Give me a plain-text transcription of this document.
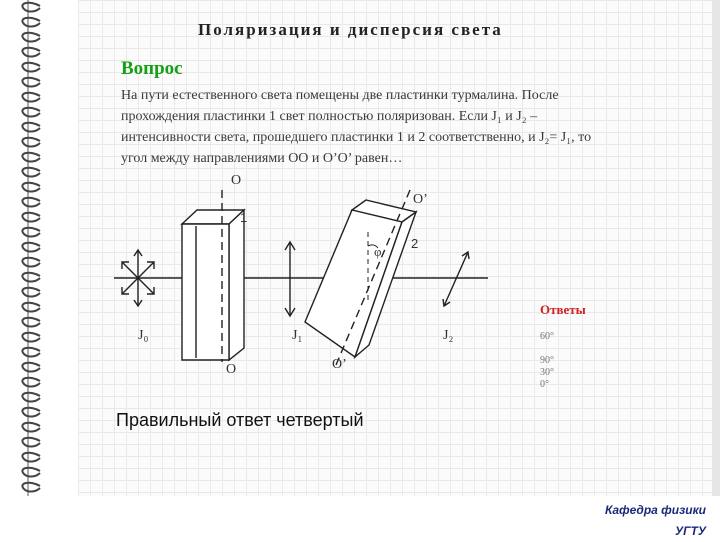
Поляризация и дисперсия света
Вопрос
На пути естественного света помещены две пластинки турмалина. После
прохождения пластинки 1 свет полностью поляризован. Если J₁ и J₂ –
интенсивности света, прошедшего пластинки 1 и 2 соответственно, и J₂= J₁, то
угол между направлениями ОО и О’О’ равен…
О
О
О’
О’
1
2
φ
J₀	J₁	J₂
Ответы
60°
90°
30°
0°
Правильный ответ четвертый
Кафедра физики
УГТУ
